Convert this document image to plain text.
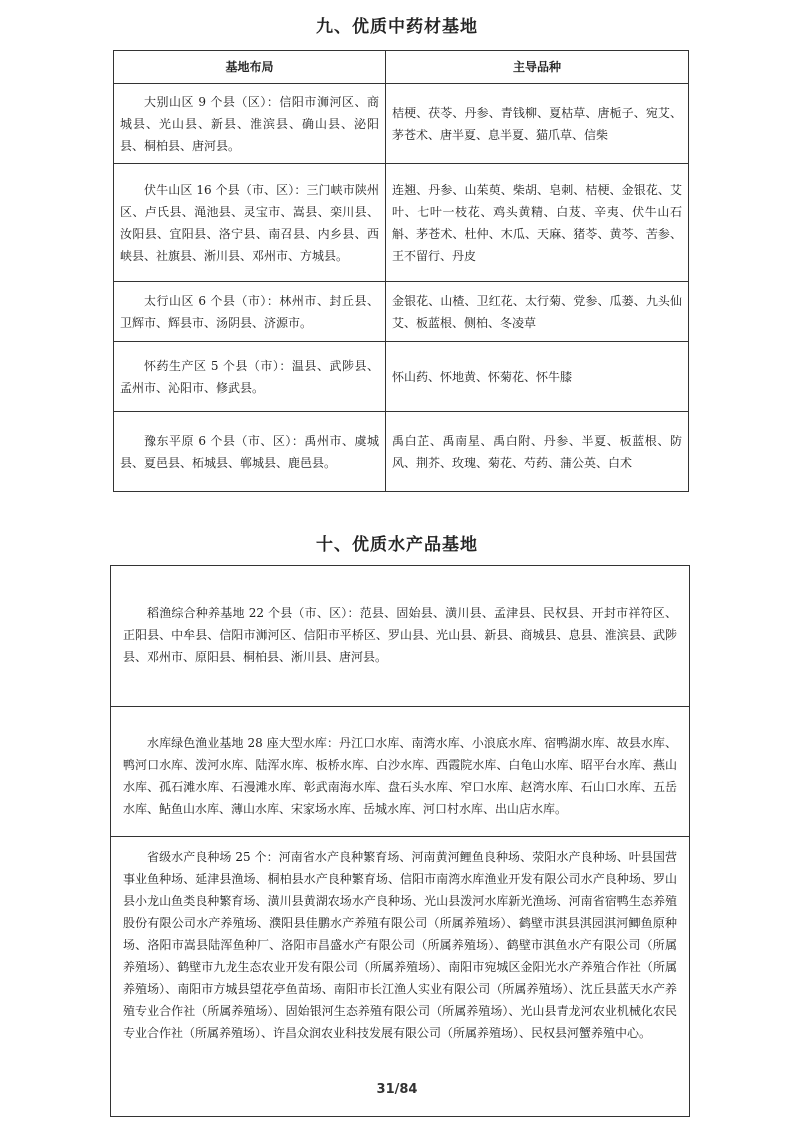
九、优质中药材基地
基地布局	主导品种
大别山区 9 个县（区）：信阳市浉河区、商城县、光山县、新县、淮滨县、确山县、泌阳县、桐柏县、唐河县。	桔梗、茯苓、丹参、青钱柳、夏枯草、唐栀子、宛艾、茅苍术、唐半夏、息半夏、猫爪草、信柴
伏牛山区 16 个县（市、区）：三门峡市陕州区、卢氏县、渑池县、灵宝市、嵩县、栾川县、汝阳县、宜阳县、洛宁县、南召县、内乡县、西峡县、社旗县、淅川县、邓州市、方城县。	连翘、丹参、山茱萸、柴胡、皂刺、桔梗、金银花、艾叶、七叶一枝花、鸡头黄精、白芨、辛夷、伏牛山石斛、茅苍术、杜仲、木瓜、天麻、猪苓、黄芩、苦参、王不留行、丹皮
太行山区 6 个县（市）：林州市、封丘县、卫辉市、辉县市、汤阴县、济源市。	金银花、山楂、卫红花、太行菊、党参、瓜蒌、九头仙艾、板蓝根、侧柏、冬凌草
怀药生产区 5 个县（市）：温县、武陟县、孟州市、沁阳市、修武县。	怀山药、怀地黄、怀菊花、怀牛膝
豫东平原 6 个县（市、区）：禹州市、虞城县、夏邑县、柘城县、郸城县、鹿邑县。	禹白芷、禹南星、禹白附、丹参、半夏、板蓝根、防风、荆芥、玫瑰、菊花、芍药、蒲公英、白术
十、优质水产品基地

稻渔综合种养基地 22 个县（市、区）：范县、固始县、潢川县、孟津县、民权县、开封市祥符区、正阳县、中牟县、信阳市浉河区、信阳市平桥区、罗山县、光山县、新县、商城县、息县、淮滨县、武陟县、邓州市、原阳县、桐柏县、淅川县、唐河县。

水库绿色渔业基地 28 座大型水库：丹江口水库、南湾水库、小浪底水库、宿鸭湖水库、故县水库、鸭河口水库、泼河水库、陆浑水库、板桥水库、白沙水库、西霞院水库、白龟山水库、昭平台水库、燕山水库、孤石滩水库、石漫滩水库、彰武南海水库、盘石头水库、窄口水库、赵湾水库、石山口水库、五岳水库、鲇鱼山水库、薄山水库、宋家场水库、岳城水库、河口村水库、出山店水库。

省级水产良种场 25 个：河南省水产良种繁育场、河南黄河鲤鱼良种场、荥阳水产良种场、叶县国营事业鱼种场、延津县渔场、桐柏县水产良种繁育场、信阳市南湾水库渔业开发有限公司水产良种场、罗山县小龙山鱼类良种繁育场、潢川县黄湖农场水产良种场、光山县泼河水库新光渔场、河南省宿鸭生态养殖股份有限公司水产养殖场、濮阳县佳鹏水产养殖有限公司（所属养殖场）、鹤壁市淇县淇园淇河鲫鱼原种场、洛阳市嵩县陆浑鱼种厂、洛阳市昌盛水产有限公司（所属养殖场）、鹤壁市淇鱼水产有限公司（所属养殖场）、鹤壁市九龙生态农业开发有限公司（所属养殖场）、南阳市宛城区金阳光水产养殖合作社（所属养殖场）、南阳市方城县望花亭鱼苗场、南阳市长江渔人实业有限公司（所属养殖场）、沈丘县蓝天水产养殖专业合作社（所属养殖场）、固始银河生态养殖有限公司（所属养殖场）、光山县青龙河农业机械化农民专业合作社（所属养殖场）、许昌众润农业科技发展有限公司（所属养殖场）、民权县河蟹养殖中心。

31/84
